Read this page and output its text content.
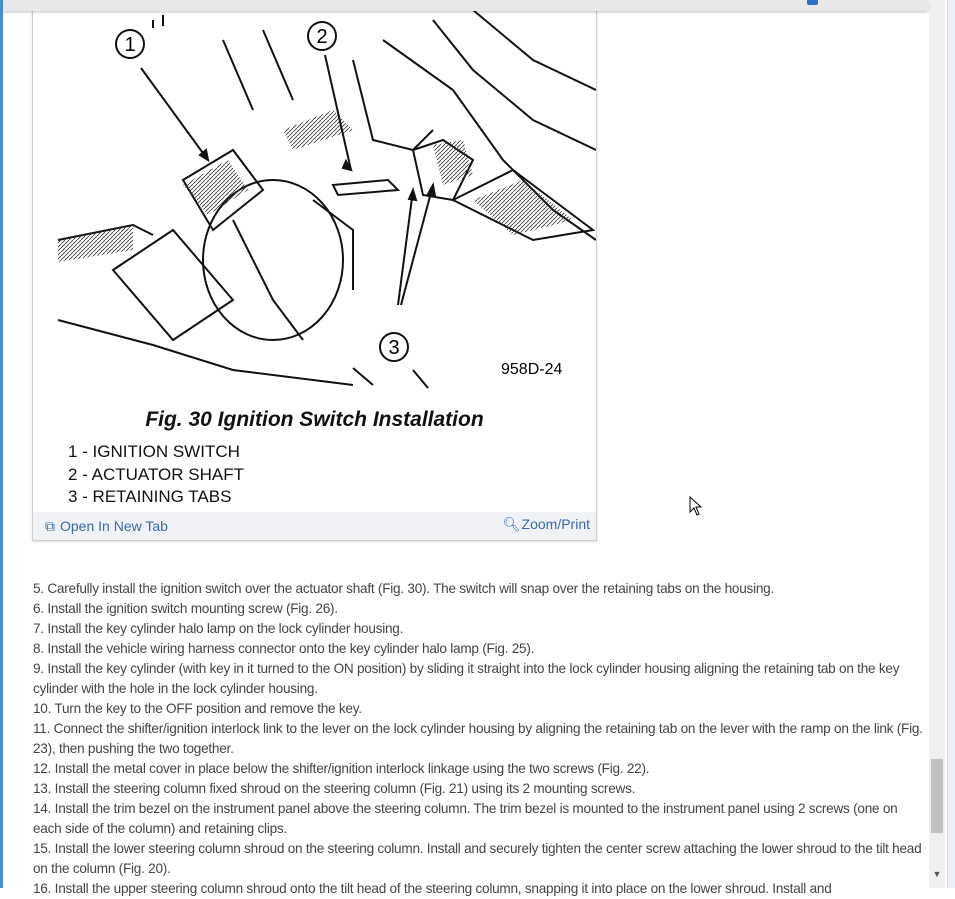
1	2
3
958D-24
Fig. 30 Ignition Switch Installation
1 - IGNITION SWITCH
2 - ACTUATOR SHAFT
3 - RETAINING TABS
⧉ Open In New Tab	🔍︎Zoom/Print

5. Carefully install the ignition switch over the actuator shaft (Fig. 30). The switch will snap over the retaining tabs on the housing.

6. Install the ignition switch mounting screw (Fig. 26).

7. Install the key cylinder halo lamp on the lock cylinder housing.

8. Install the vehicle wiring harness connector onto the key cylinder halo lamp (Fig. 25).

9. Install the key cylinder (with key in it turned to the ON position) by sliding it straight into the lock cylinder housing aligning the retaining tab on the key cylinder with the hole in the lock cylinder housing.

10. Turn the key to the OFF position and remove the key.

11. Connect the shifter/ignition interlock link to the lever on the lock cylinder housing by aligning the retaining tab on the lever with the ramp on the link (Fig. 23), then pushing the two together.

12. Install the metal cover in place below the shifter/ignition interlock linkage using the two screws (Fig. 22).

13. Install the steering column fixed shroud on the steering column (Fig. 21) using its 2 mounting screws.

14. Install the trim bezel on the instrument panel above the steering column. The trim bezel is mounted to the instrument panel using 2 screws (one on each side of the column) and retaining clips.

15. Install the lower steering column shroud on the steering column. Install and securely tighten the center screw attaching the lower shroud to the tilt head on the column (Fig. 20).

16. Install the upper steering column shroud onto the tilt head of the steering column, snapping it into place on the lower shroud. Install and

▼
